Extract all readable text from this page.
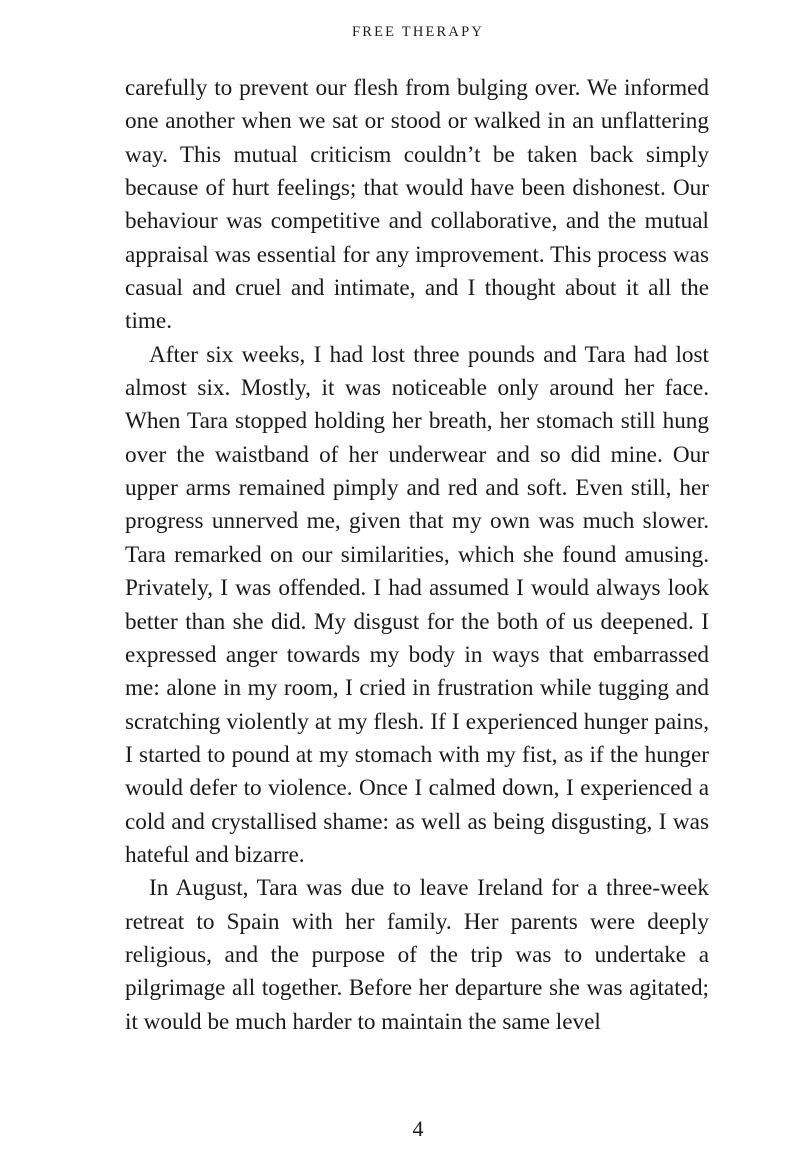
FREE THERAPY

carefully to prevent our flesh from bulging over. We informed one another when we sat or stood or walked in an unflattering way. This mutual criticism couldn’t be taken back simply because of hurt feelings; that would have been dishonest. Our behaviour was competitive and collaborative, and the mutual appraisal was essential for any improvement. This process was casual and cruel and intimate, and I thought about it all the time.

After six weeks, I had lost three pounds and Tara had lost almost six. Mostly, it was noticeable only around her face. When Tara stopped holding her breath, her stomach still hung over the waistband of her underwear and so did mine. Our upper arms remained pimply and red and soft. Even still, her progress unnerved me, given that my own was much slower. Tara remarked on our similarities, which she found amusing. Privately, I was offended. I had assumed I would always look better than she did. My disgust for the both of us deepened. I expressed anger towards my body in ways that embarrassed me: alone in my room, I cried in frustration while tugging and scratching violently at my flesh. If I experienced hunger pains, I started to pound at my stomach with my fist, as if the hunger would defer to violence. Once I calmed down, I experienced a cold and crystallised shame: as well as being disgusting, I was hateful and bizarre.

In August, Tara was due to leave Ireland for a three-week retreat to Spain with her family. Her parents were deeply religious, and the purpose of the trip was to undertake a pilgrimage all together. Before her departure she was agitated; it would be much harder to maintain the same level

4
